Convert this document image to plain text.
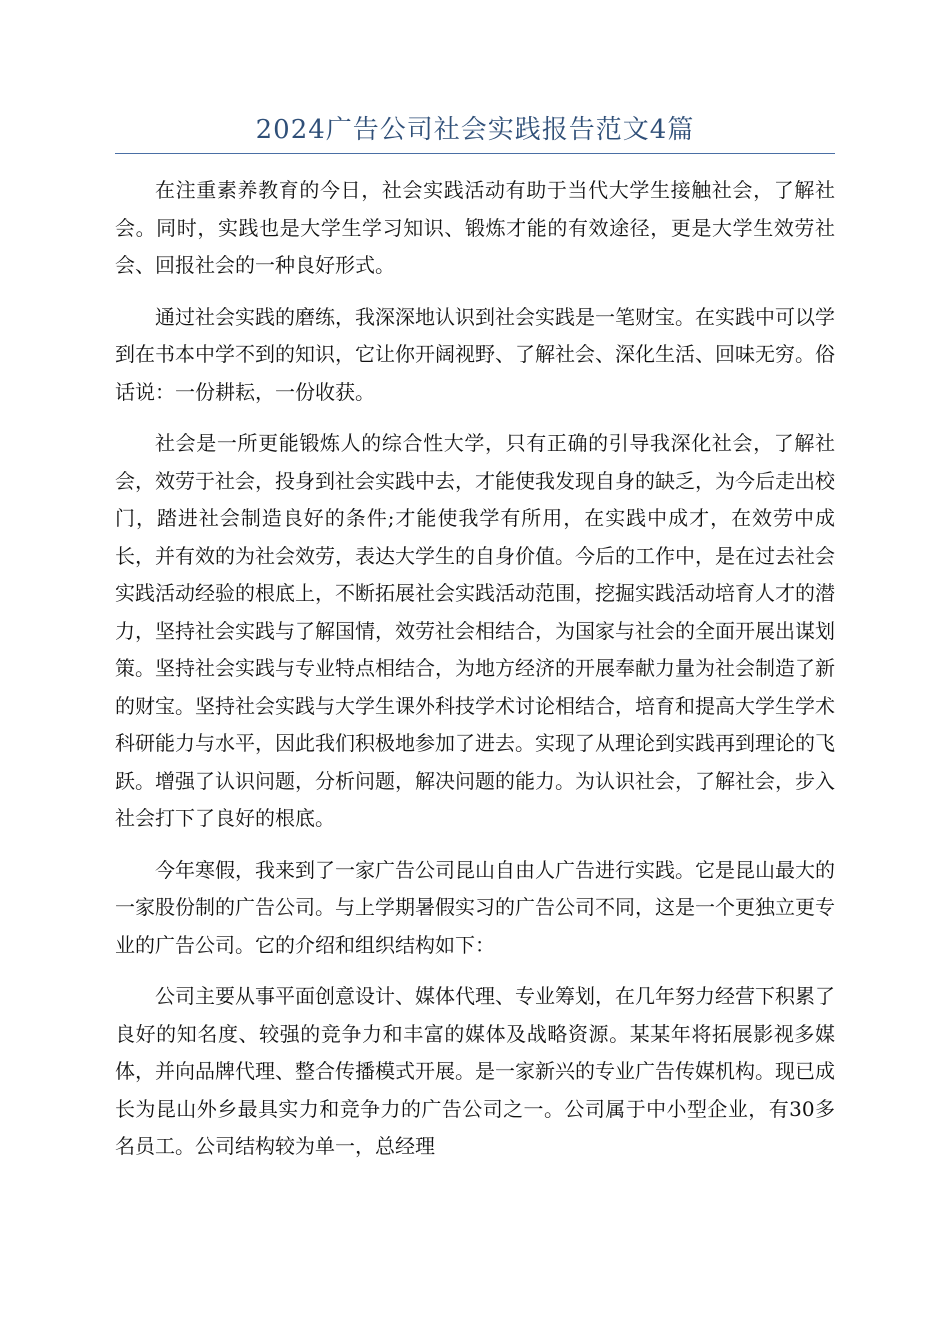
2024广告公司社会实践报告范文4篇

在注重素养教育的今日，社会实践活动有助于当代大学生接触社会，了解社会。同时，实践也是大学生学习知识、锻炼才能的有效途径，更是大学生效劳社会、回报社会的一种良好形式。

通过社会实践的磨练，我深深地认识到社会实践是一笔财宝。在实践中可以学到在书本中学不到的知识，它让你开阔视野、了解社会、深化生活、回味无穷。俗话说：一份耕耘，一份收获。

社会是一所更能锻炼人的综合性大学，只有正确的引导我深化社会，了解社会，效劳于社会，投身到社会实践中去，才能使我发现自身的缺乏，为今后走出校门，踏进社会制造良好的条件;才能使我学有所用，在实践中成才，在效劳中成长，并有效的为社会效劳，表达大学生的自身价值。今后的工作中，是在过去社会实践活动经验的根底上，不断拓展社会实践活动范围，挖掘实践活动培育人才的潜力，坚持社会实践与了解国情，效劳社会相结合，为国家与社会的全面开展出谋划策。坚持社会实践与专业特点相结合，为地方经济的开展奉献力量为社会制造了新的财宝。坚持社会实践与大学生课外科技学术讨论相结合，培育和提高大学生学术科研能力与水平，因此我们积极地参加了进去。实现了从理论到实践再到理论的飞跃。增强了认识问题，分析问题，解决问题的能力。为认识社会，了解社会，步入社会打下了良好的根底。

今年寒假，我来到了一家广告公司昆山自由人广告进行实践。它是昆山最大的一家股份制的广告公司。与上学期暑假实习的广告公司不同，这是一个更独立更专业的广告公司。它的介绍和组织结构如下：

公司主要从事平面创意设计、媒体代理、专业筹划，在几年努力经营下积累了良好的知名度、较强的竞争力和丰富的媒体及战略资源。某某年将拓展影视多媒体，并向品牌代理、整合传播模式开展。是一家新兴的专业广告传媒机构。现已成长为昆山外乡最具实力和竞争力的广告公司之一。公司属于中小型企业，有30多名员工。公司结构较为单一，总经理
